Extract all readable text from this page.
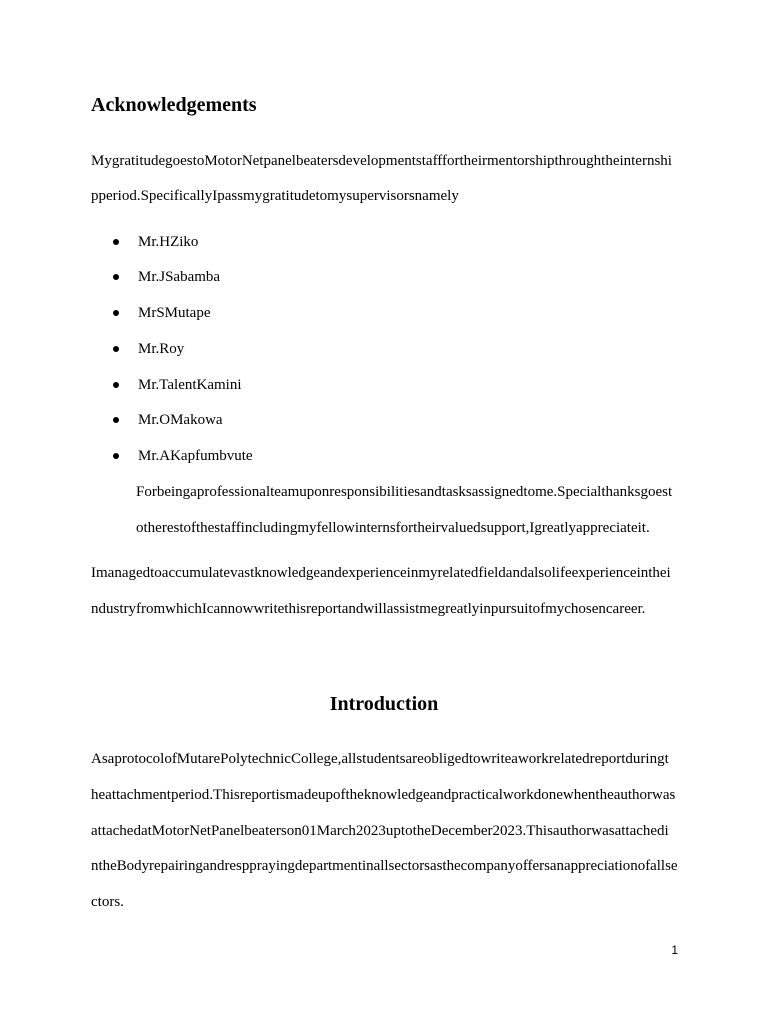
Acknowledgements
MygratitudegoestoMotorNetpanelbeatersdevelopmentstafffortheirmentorshipthroughtheinternshi
pperiod.SpecificallyIpassmygratitudetomysupervisorsnamely
Mr.HZiko
Mr.JSabamba
MrSMutape
Mr.Roy
Mr.TalentKamini
Mr.OMakowa
Mr.AKapfumbvute
Forbeingaprofessionalteamuponresponsibilitiesandtasksassignedtome.Specialthanksgoest
otherestofthestaffincludingmyfellowinternsfortheirvaluedsupport,Igreatlyappreciateit.
Imanagedtoaccumulatevastknowledgeandexperienceinmyrelatedfieldandalsolifeexperienceinthei
ndustryfromwhichIcannowwritethisreportandwillassistmegreatlyinpursuitofmychosencareer.
Introduction
AsaprotocolofMutarePolytechnicCollege,allstudentsareobligedtowriteaworkrelatedreportduringt
heattachmentperiod.Thisreportismadeupoftheknowledgeandpracticalworkdonewhentheauthorwas
attachedatMotorNetPanelbeaterson01March2023uptotheDecember2023.Thisauthorwasattachedi
ntheBodyrepairingandrespprayingdepartmentinallsectorsasthecompanyoffersanappreciationofallse
ctors.
1
